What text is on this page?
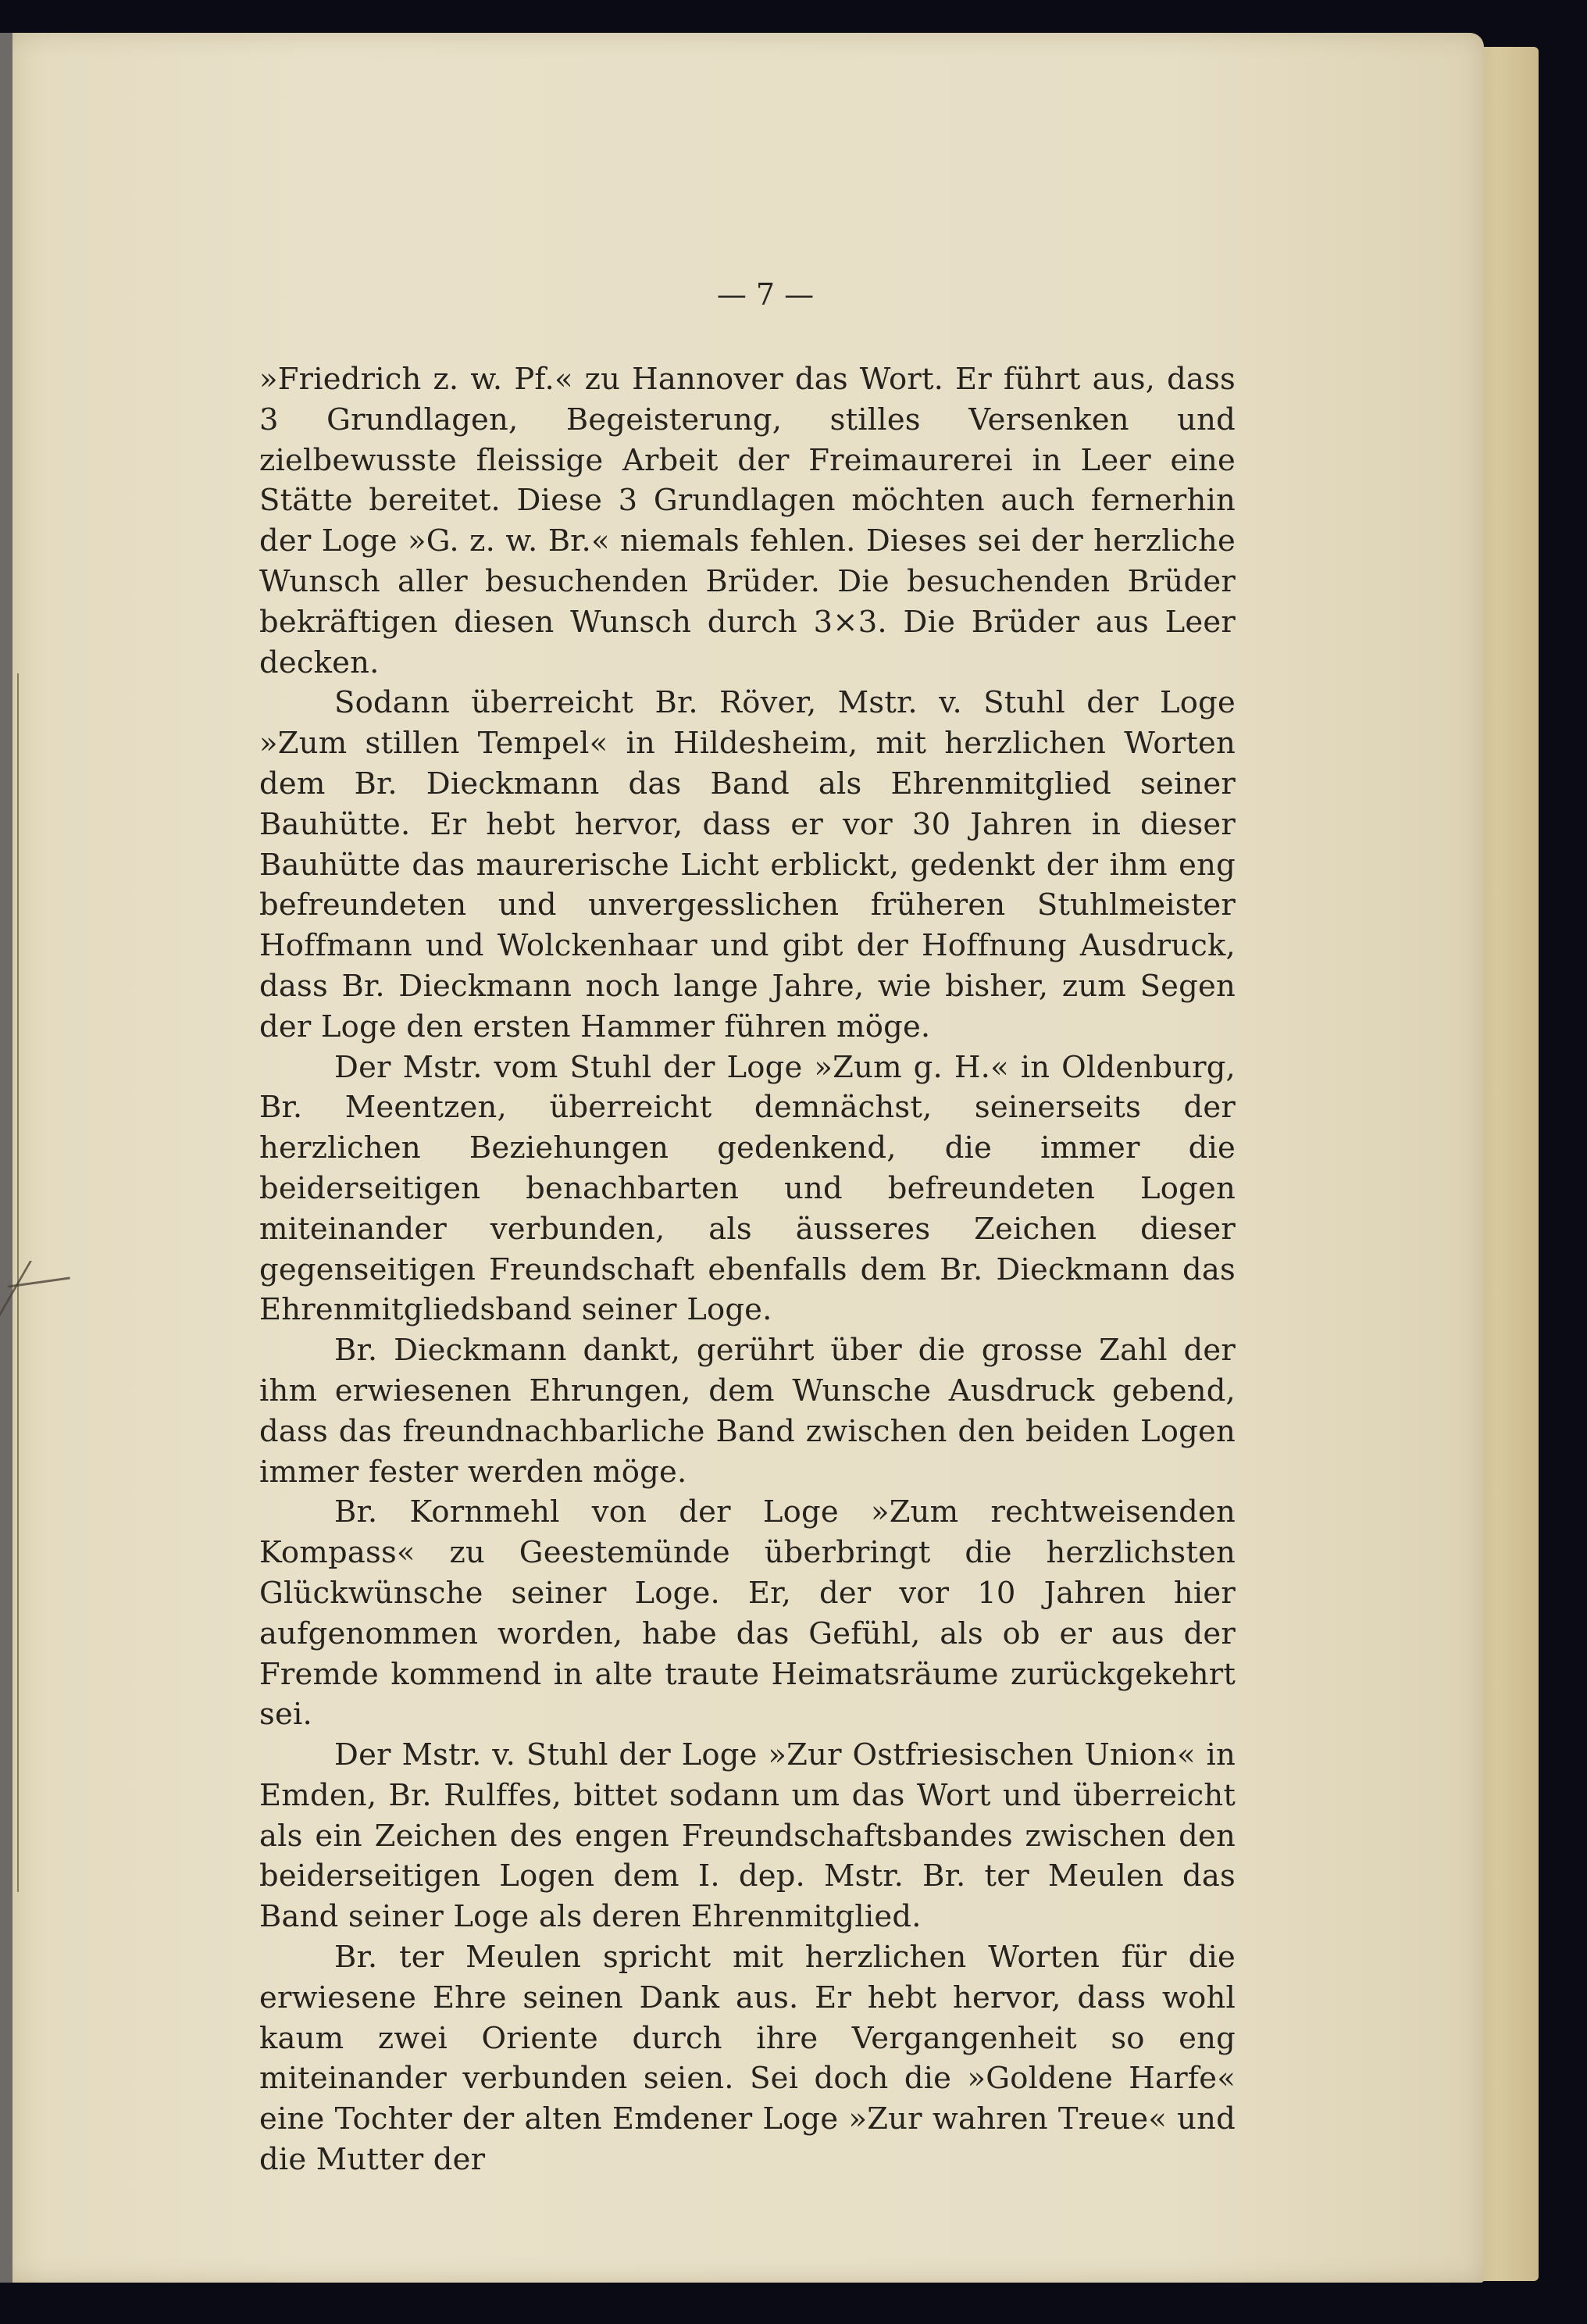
— 7 —

»Friedrich z. w. Pf.« zu Hannover das Wort. Er führt aus, dass 3 Grundlagen, Begeisterung, stilles Versenken und zielbewusste fleissige Arbeit der Freimaurerei in Leer eine Stätte bereitet. Diese 3 Grundlagen möchten auch fernerhin der Loge »G. z. w. Br.« niemals fehlen. Dieses sei der herzliche Wunsch aller besuchenden Brüder. Die besuchenden Brüder bekräftigen diesen Wunsch durch 3×3. Die Brüder aus Leer decken.

Sodann überreicht Br. Röver, Mstr. v. Stuhl der Loge »Zum stillen Tempel« in Hildesheim, mit herzlichen Worten dem Br. Dieckmann das Band als Ehrenmitglied seiner Bauhütte. Er hebt hervor, dass er vor 30 Jahren in dieser Bauhütte das maurerische Licht erblickt, gedenkt der ihm eng befreundeten und unvergesslichen früheren Stuhlmeister Hoffmann und Wolckenhaar und gibt der Hoffnung Ausdruck, dass Br. Dieckmann noch lange Jahre, wie bisher, zum Segen der Loge den ersten Hammer führen möge.

Der Mstr. vom Stuhl der Loge »Zum g. H.« in Oldenburg, Br. Meentzen, überreicht demnächst, seinerseits der herzlichen Beziehungen gedenkend, die immer die beiderseitigen benachbarten und befreundeten Logen miteinander verbunden, als äusseres Zeichen dieser gegenseitigen Freundschaft ebenfalls dem Br. Dieckmann das Ehrenmitgliedsband seiner Loge.

Br. Dieckmann dankt, gerührt über die grosse Zahl der ihm erwiesenen Ehrungen, dem Wunsche Ausdruck gebend, dass das freundnachbarliche Band zwischen den beiden Logen immer fester werden möge.

Br. Kornmehl von der Loge »Zum rechtweisenden Kompass« zu Geestemünde überbringt die herzlichsten Glückwünsche seiner Loge. Er, der vor 10 Jahren hier aufgenommen worden, habe das Gefühl, als ob er aus der Fremde kommend in alte traute Heimatsräume zurückgekehrt sei.

Der Mstr. v. Stuhl der Loge »Zur Ostfriesischen Union« in Emden, Br. Rulffes, bittet sodann um das Wort und überreicht als ein Zeichen des engen Freundschaftsbandes zwischen den beiderseitigen Logen dem I. dep. Mstr. Br. ter Meulen das Band seiner Loge als deren Ehrenmitglied.

Br. ter Meulen spricht mit herzlichen Worten für die erwiesene Ehre seinen Dank aus. Er hebt hervor, dass wohl kaum zwei Oriente durch ihre Vergangenheit so eng miteinander verbunden seien. Sei doch die »Goldene Harfe« eine Tochter der alten Emdener Loge »Zur wahren Treue« und die Mutter der
